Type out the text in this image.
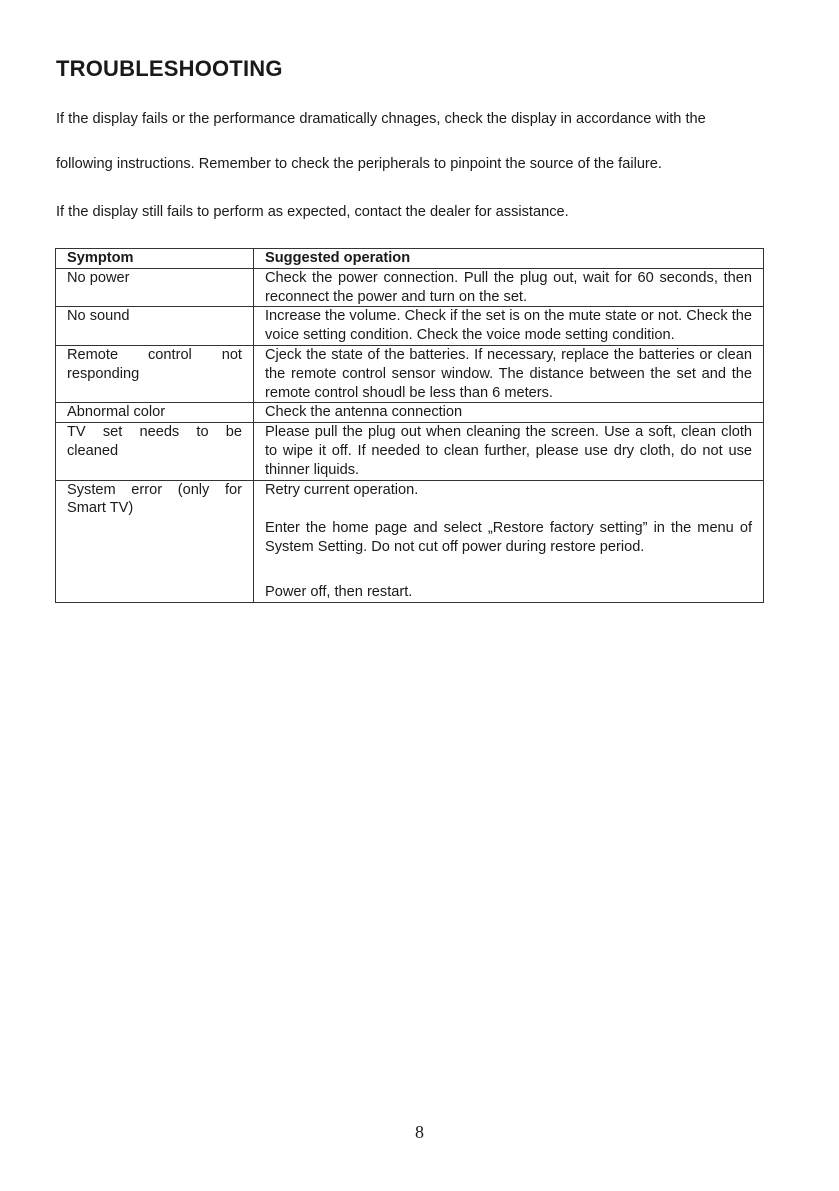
TROUBLESHOOTING

If the display fails or the performance dramatically chnages, check the display in accordance with the

following instructions. Remember to check the peripherals to pinpoint the source of the failure.

If the display still fails to perform as expected, contact the dealer for assistance.

Symptom	Suggested operation
No power	Check the power connection. Pull the plug out, wait for 60 seconds, then reconnect the power and turn on the set.
No sound	Increase the volume. Check if the set is on the mute state or not. Check the voice setting condition. Check the voice mode setting condition.
Remote control not responding	Cjeck the state of the batteries. If necessary, replace the batteries or clean the remote control sensor window. The distance between the set and the remote control shoudl be less than 6 meters.
Abnormal color	Check the antenna connection
TV set needs to be cleaned	Please pull the plug out when cleaning the screen. Use a soft, clean cloth to wipe it off. If needed to clean further, please use dry cloth, do not use thinner liquids.
System error (only for Smart TV)	Retry current operation.
Enter the home page and select „Restore factory setting” in the menu of System Setting. Do not cut off power during restore period.
Power off, then restart.
8
